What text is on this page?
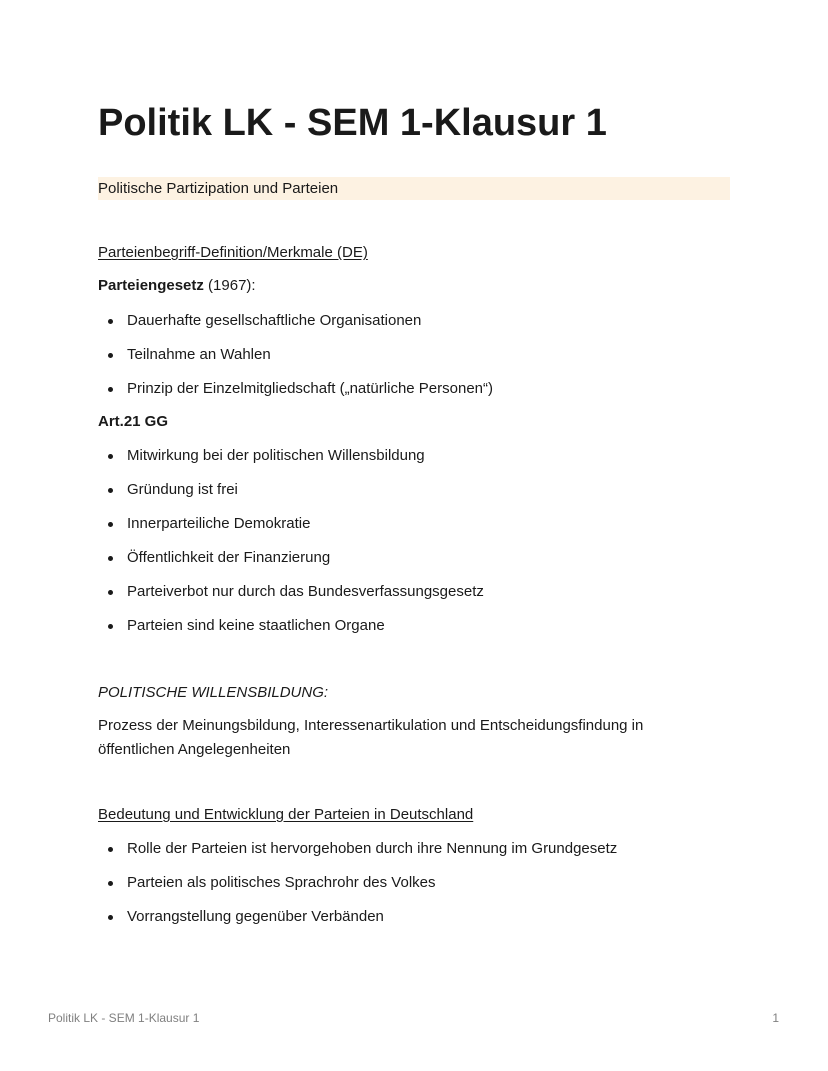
Politik LK - SEM 1-Klausur 1
Politische Partizipation und Parteien
Parteienbegriff-Definition/Merkmale (DE)
Parteiengesetz (1967):
Dauerhafte gesellschaftliche Organisationen
Teilnahme an Wahlen
Prinzip der Einzelmitgliedschaft („natürliche Personen“)
Art.21 GG
Mitwirkung bei der politischen Willensbildung
Gründung ist frei
Innerparteiliche Demokratie
Öffentlichkeit der Finanzierung
Parteiverbot nur durch das Bundesverfassungsgesetz
Parteien sind keine staatlichen Organe
POLITISCHE WILLENSBILDUNG:
Prozess der Meinungsbildung, Interessenartikulation und Entscheidungsfindung in
öffentlichen Angelegenheiten
Bedeutung und Entwicklung der Parteien in Deutschland
Rolle der Parteien ist hervorgehoben durch ihre Nennung im Grundgesetz
Parteien als politisches Sprachrohr des Volkes
Vorrangstellung gegenüber Verbänden
Politik LK - SEM 1-Klausur 1	1
